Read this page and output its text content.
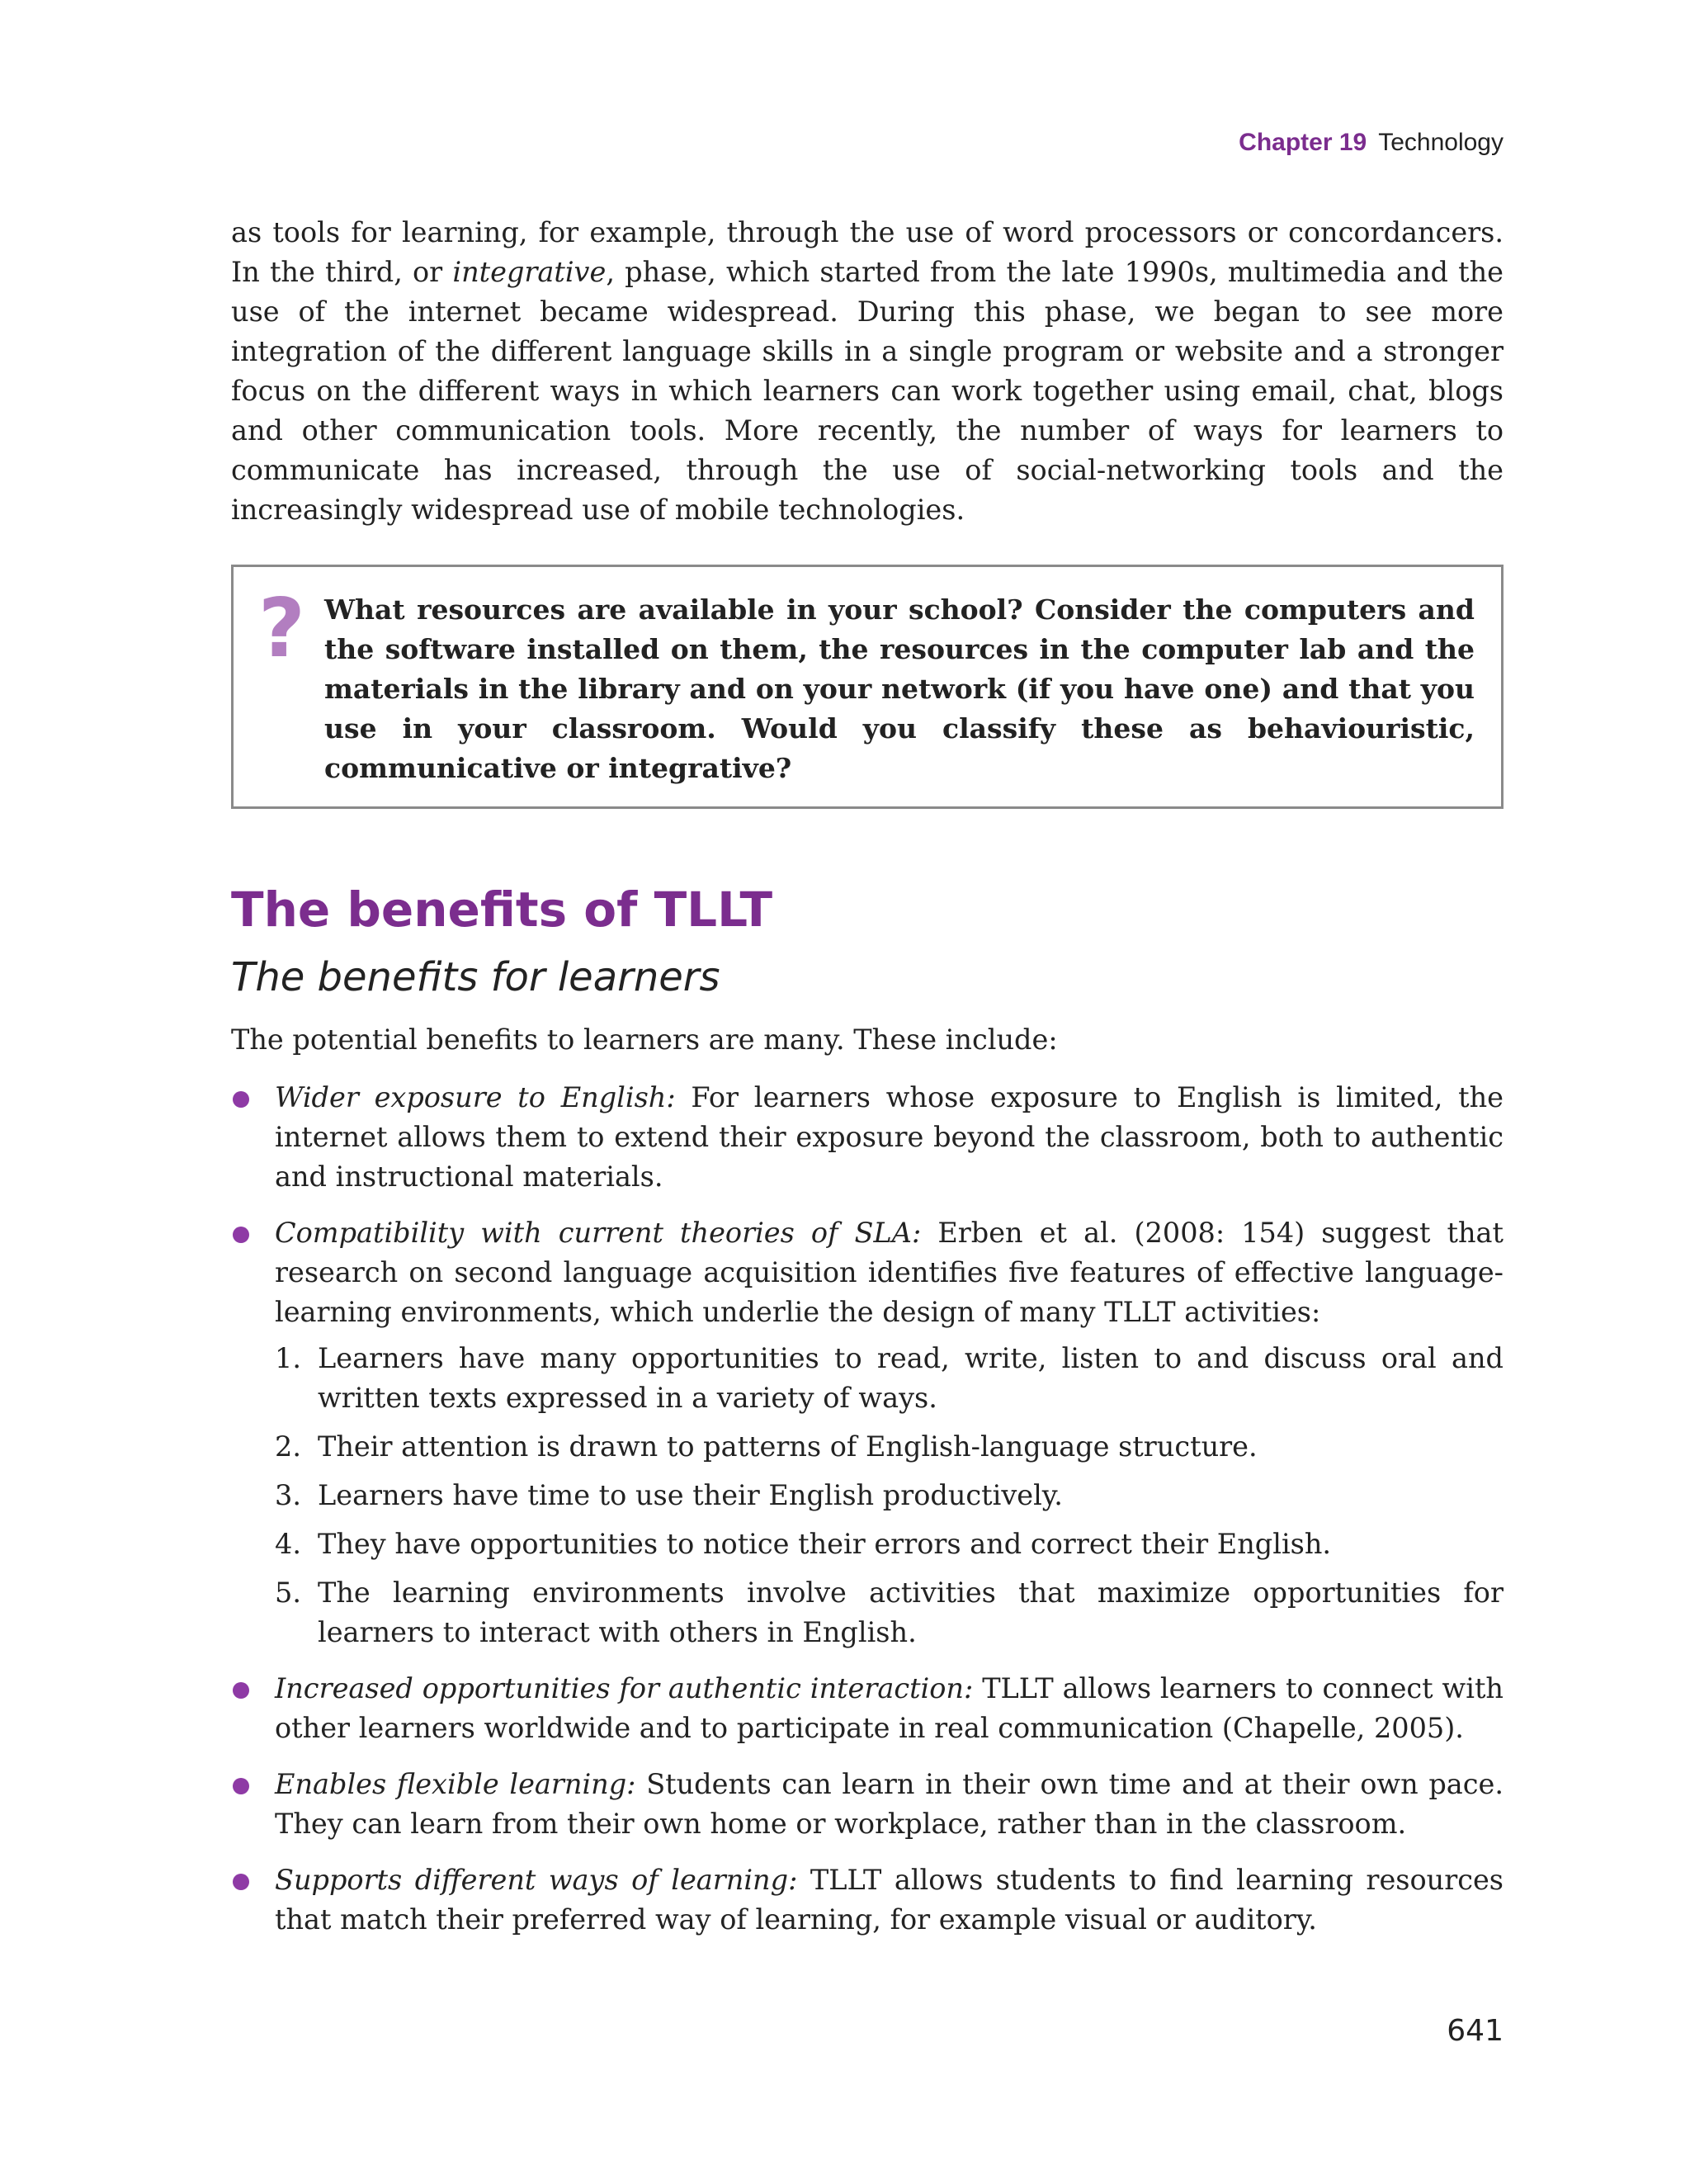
Chapter 19 Technology

as tools for learning, for example, through the use of word processors or concordancers. In the third, or integrative, phase, which started from the late 1990s, multimedia and the use of the internet became widespread. During this phase, we began to see more integration of the different language skills in a single program or website and a stronger focus on the different ways in which learners can work together using email, chat, blogs and other communication tools. More recently, the number of ways for learners to communicate has increased, through the use of social-networking tools and the increasingly widespread use of mobile technologies.

? What resources are available in your school? Consider the computers and the software installed on them, the resources in the computer lab and the materials in the library and on your network (if you have one) and that you use in your classroom. Would you classify these as behaviouristic, communicative or integrative?
The benefits of TLLT
The benefits for learners

The potential benefits to learners are many. These include:

Wider exposure to English: For learners whose exposure to English is limited, the internet allows them to extend their exposure beyond the classroom, both to authentic and instructional materials.

Compatibility with current theories of SLA: Erben et al. (2008: 154) suggest that research on second language acquisition identifies five features of effective language-learning environments, which underlie the design of many TLLT activities:

1. Learners have many opportunities to read, write, listen to and discuss oral and written texts expressed in a variety of ways.

2. Their attention is drawn to patterns of English-language structure.

3. Learners have time to use their English productively.

4. They have opportunities to notice their errors and correct their English.

5. The learning environments involve activities that maximize opportunities for learners to interact with others in English.

Increased opportunities for authentic interaction: TLLT allows learners to connect with other learners worldwide and to participate in real communication (Chapelle, 2005).

Enables flexible learning: Students can learn in their own time and at their own pace. They can learn from their own home or workplace, rather than in the classroom.

Supports different ways of learning: TLLT allows students to find learning resources that match their preferred way of learning, for example visual or auditory.

641
